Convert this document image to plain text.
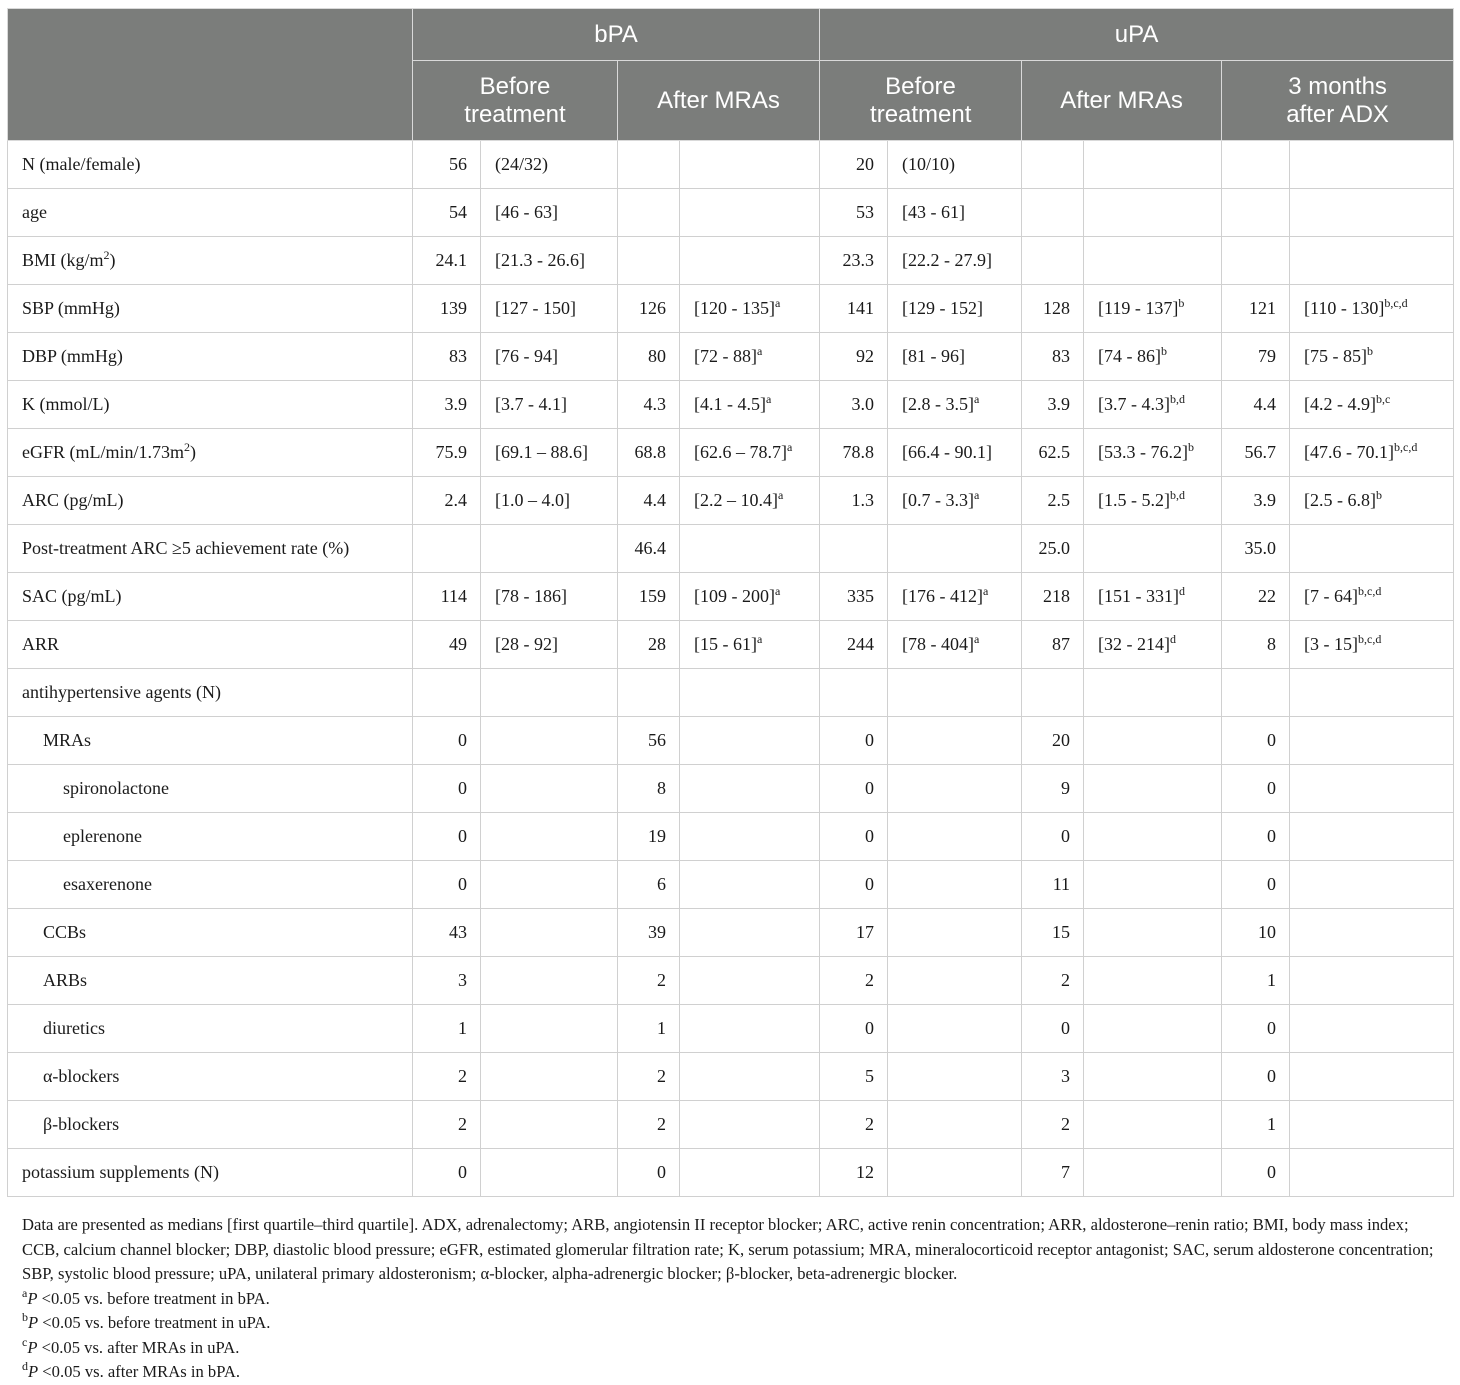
	bPA				uPA					
	Before treatment		After MRAs		Before treatment		After MRAs		3 months after ADX	
N (male/female)	56	(24/32)			20	(10/10)				
age	54	[46 - 63]			53	[43 - 61]				
BMI $(kg/m^2)$	24.1	[21.3 - 26.6]			23.3	[22.2 - 27.9]				
SBP (mmHg)	139	[127 - 150]	126	[120 - 135]$^a$	141	[129 - 152]	128	[119 - 137]$^b$	121	[110 - 130]$^{b,c,d}$
DBP (mmHg)	83	[76 - 94]	80	[72 - 88]$^a$	92	[81 - 96]	83	[74 - 86]$^b$	79	[75 - 85]$^b$
K (mmol/L)	3.9	[3.7 - 4.1]	4.3	[4.1 - 4.5]$^a$	3.0	[2.8 - 3.5]$^a$	3.9	[3.7 - 4.3]$^{b,d}$	4.4	[4.2 - 4.9]$^{b,c}$
eGFR $(mL/\min/1.73m^2)$	75.9	[69.1 – 88.6]	68.8	[62.6 – 78.7]$^a$	78.8	[66.4 - 90.1]	62.5	[53.3 - 76.2]$^b$	56.7	[47.6 - 70.1]$^{b,c,d}$
ARC (pg/mL)	2.4	[1.0 – 4.0]	4.4	[2.2 – 10.4]$^a$	1.3	[0.7 - 3.3]$^a$	2.5	[1.5 - 5.2]$^{b,d}$	3.9	[2.5 - 6.8]$^b$
Post-treatment ARC ≥5 achievement rate (%)			46.4				25.0		35.0	
SAC (pg/mL)	114	[78 - 186]	159	[109 - 200]$^a$	335	[176 - 412]$^a$	218	[151 - 331]$^d$	22	[7 - 64]$^{b,c,d}$
ARR	49	[28 - 92]	28	[15 - 61]$^a$	244	[78 - 404]$^a$	87	[32 - 214]$^d$	8	[3 - 15]$^{b,c,d}$
antihypertensive agents (N)										
MRAs	0		56		0		20		0	
spironolactone	0		8		0		9		0	
eplerenone	0		19		0		0		0	
esaxerenone	0		6		0		11		0	
CCBs	43		39		17		15		10	
ARBs	3		2		2		2		1	
diuretics	1		1		0		0		0	
α-blockers	2		2		5		3		0	
β-blockers	2		2		2		2		1	
potassium supplements (N)	0		0		12		7		0	

Data are presented as medians [first quartile–third quartile]. ADX, adrenalectomy; ARB, angiotensin II receptor blocker; ARC, active renin concentration; ARR, aldosterone–renin ratio; BMI, body mass index; CCB, calcium channel blocker; DBP, diastolic blood pressure; eGFR, estimated glomerular filtration rate; K, serum potassium; MRA, mineralocorticoid receptor antagonist; SAC, serum aldosterone concentration; SBP, systolic blood pressure; uPA, unilateral primary aldosteronism; α-blocker, alpha-adrenergic blocker; β-blocker, beta-adrenergic blocker.

$^a$P <0.05 vs. before treatment in bPA.

$^b$P <0.05 vs. before treatment in uPA.

$^c$P <0.05 vs. after MRAs in uPA.

$^d$P <0.05 vs. after MRAs in bPA.
